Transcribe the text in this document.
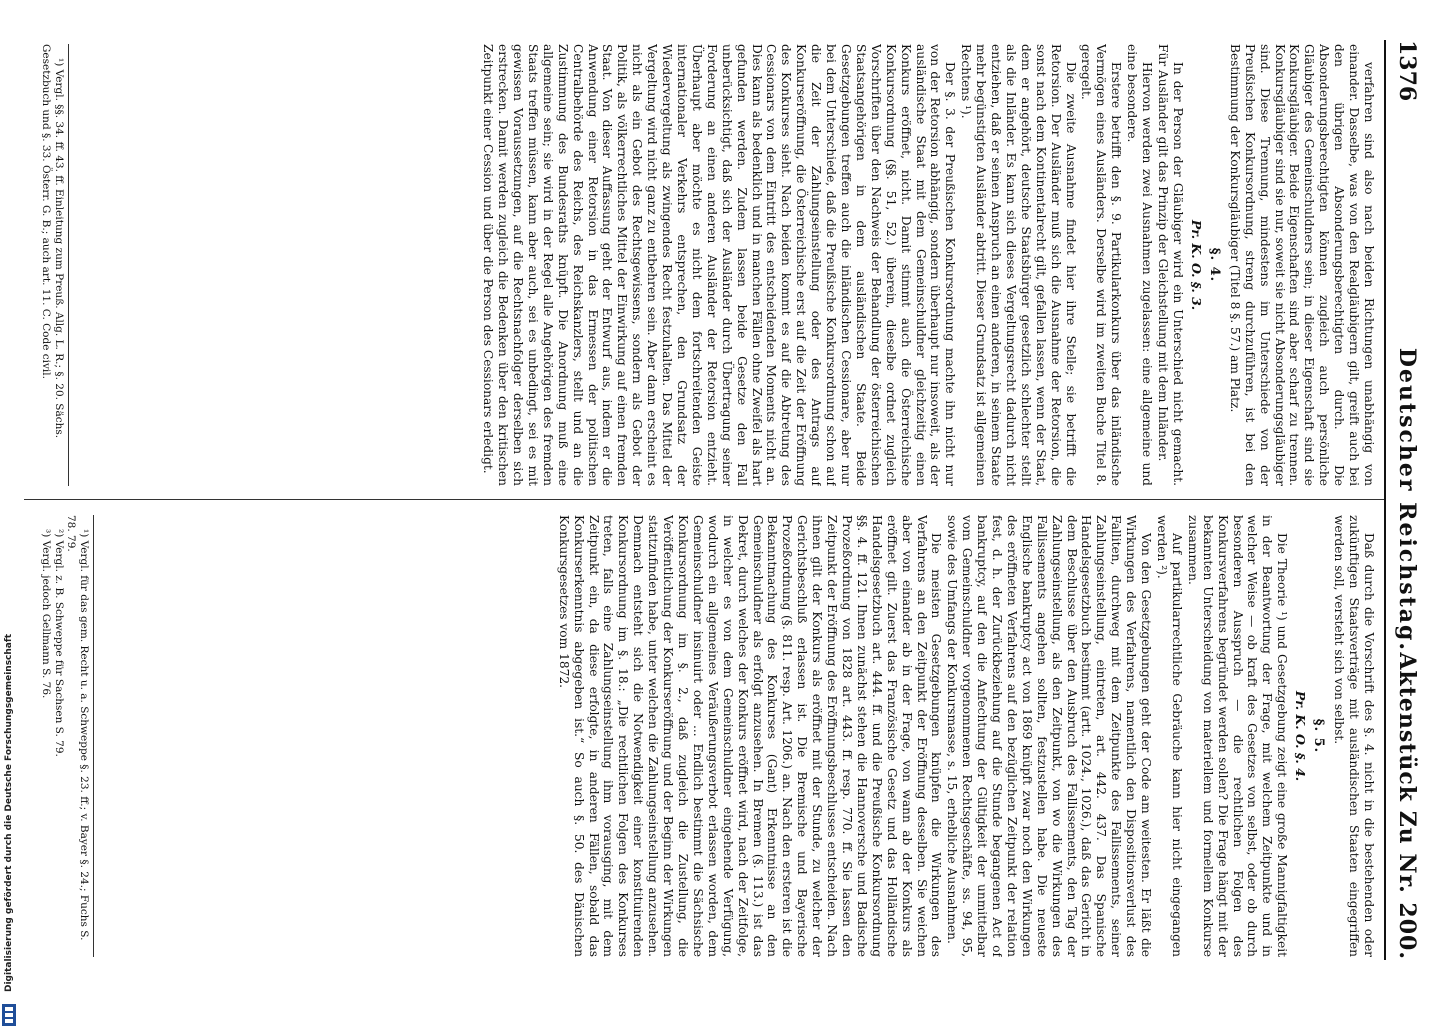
1376
Deutscher Reichstag.
Aktenstück Zu Nr. 200.

verfahren sind also nach beiden Richtungen unabhängig von einander. Dasselbe, was von den Realgläubigern gilt, greift auch bei den übrigen Absonderungsberechtigten durch. Die Absonderungsberechtigten können zugleich auch persönliche Gläubiger des Gemeinschuldners sein; in dieser Eigenschaft sind sie Konkursgläubiger. Beide Eigenschaften sind aber scharf zu trennen. Konkursgläubiger sind sie nur, soweit sie nicht Absonderungsgläubiger sind. Diese Trennung, mindestens im Unterschiede von der Preußischen Konkursordnung, streng durchzuführen, ist bei den Bestimmung der Konkursgläubiger (Titel 8 §. 57.) am Platz.

§. 4.
Pr. K. O. §. 3.

In der Person der Gläubiger wird ein Unterschied nicht gemacht. Für Ausländer gilt das Prinzip der Gleichstellung mit dem Inländer.

Hiervon werden zwei Ausnahmen zugelassen: eine allgemeine und eine besondere.

Erstere betrifft den §. 9. Partikularkonkurs über das inländische Vermögen eines Ausländers. Derselbe wird im zweiten Buche Titel 8. geregelt.

Die zweite Ausnahme findet hier ihre Stelle; sie betrifft die Retorsion. Der Ausländer muß sich die Ausnahme der Retorsion, die sonst nach dem Kontinentalrecht gilt, gefallen lassen, wenn der Staat, dem er angehört, deutsche Staatsbürger gesetzlich schlechter stellt als die Inländer. Es kann sich dieses Vergeltungsrecht dadurch nicht entziehen, daß er seinen Anspruch an einen anderen, in seinem Staate mehr begünstigten Ausländer abtritt. Dieser Grundsatz ist allgemeinen Rechtens ¹).

Der §. 3. der Preußischen Konkursordnung machte ihn nicht nur von der Retorsion abhängig, sondern überhaupt nur insoweit, als der ausländische Staat mit dem Gemeinschuldner gleichzeitig einen Konkurs eröffnet, nicht. Damit stimmt auch die Österreichische Konkursordnung (§§. 51, 52.) überein, dieselbe ordnet zugleich Vorschriften über den Nachweis der Behandlung der österreichischen Staatsangehörigen in dem ausländischen Staate. Beide Gesetzgebungen treffen auch die inländischen Cessionare, aber nur bei dem Unterschiede, daß die Preußische Konkursordnung schon auf die Zeit der Zahlungseinstellung oder des Antrags auf Konkurseröffnung, die Österreichische erst auf die Zeit der Eröffnung des Konkurses sieht. Nach beiden kommt es auf die Abtretung des Cessionars von dem Eintritt des entscheidenden Moments nicht an. Dies kann als bedenklich und in manchen Fällen ohne Zweifel als hart gefunden werden. Zudem lassen beide Gesetze den Fall unberücksichtigt, daß sich der Ausländer durch Übertragung seiner Forderung an einen anderen Ausländer der Retorsion entzieht. Überhaupt aber möchte es nicht dem fortschreitenden Geiste internationaler Verkehrs entsprechen, den Grundsatz der Wiedervergeltung als zwingendes Recht festzuhalten. Das Mittel der Vergeltung wird nicht ganz zu entbehren sein. Aber dann erscheint es nicht als ein Gebot des Rechtsgewissens, sondern als Gebot der Politik, als völkerrechtliches Mittel der Einwirkung auf einen fremden Staat. Von dieser Auffassung geht der Entwurf aus, indem er die Anwendung einer Retorsion in das Ermessen der politischen Centralbehörde des Reichs, des Reichskanzlers, stellt und an die Zustimmung des Bundesraths knüpft. Die Anordnung muß eine allgemeine sein; sie wird in der Regel alle Angehörigen des fremden Staats treffen müssen, kann aber auch, sei es unbedingt, sei es mit gewissen Voraussetzungen, auf die Rechtsnachfolger derselben sich erstrecken. Damit werden zugleich die Bedenken über den kritischen Zeitpunkt einer Cession und über die Person des Cessionars erledigt.

¹) Vergl. §§. 34. ff. 43. ff. Einleitung zum Preuß. Allg. L. R.; §. 20. Sächs. Gesetzbuch und §. 33. Österr. G. B.; auch art. 11. C. Code civil.

Daß durch die Vorschrift des §. 4. nicht in die bestehenden oder zukünftigen Staatsverträge mit ausländischen Staaten eingegriffen werden soll, versteht sich von selbst.

§. 5.
Pr. K. O. §. 4.

Die Theorie ¹) und Gesetzgebung zeigt eine große Mannigfaltigkeit in der Beantwortung der Frage, mit welchem Zeitpunkte und in welcher Weise — ob kraft des Gesetzes von selbst, oder ob durch besonderen Ausspruch — die rechtlichen Folgen des Konkursverfahrens begründet werden sollen? Die Frage hängt mit der bekannten Unterscheidung von materiellem und formellem Konkurse zusammen.

Auf partikularrechtliche Gebräuche kann hier nicht eingegangen werden ²).

Von den Gesetzgebungen geht der Code am weitesten. Er läßt die Wirkungen des Verfahrens, namentlich den Dispositionsverlust des Falliten, durchweg mit dem Zeitpunkte des Fallissements, seiner Zahlungseinstellung, eintreten, art. 442. 437. Das Spanische Handelsgesetzbuch bestimmt (artt. 1024., 1026.), daß das Gericht in dem Beschlusse über den Ausbruch des Fallissements, den Tag der Zahlungseinstellung, als den Zeitpunkt, von wo die Wirkungen des Fallissements angehen sollten, festzustellen habe. Die neueste Englische bankruptcy act von 1869 knüpft zwar noch den Wirkungen des eröffneten Verfahrens auf den bezüglichen Zeitpunkt der relation fest, d. h. der Zurückbeziehung auf die Stunde begangenen Act of bankruptcy, auf den die Anfechtung der Gültigkeit der unmittelbar vom Gemeinschuldner vorgenommenen Rechtsgeschäfte, ss. 94, 95, sowie des Umfangs der Konkursmasse, s. 15, erhebliche Ausnahmen.

Die meisten Gesetzgebungen knüpfen die Wirkungen des Verfahrens an den Zeitpunkt der Eröffnung desselben. Sie weichen aber von einander ab in der Frage, von wann ab der Konkurs als eröffnet gilt. Zuerst das Französische Gesetz und das Holländische Handelsgesetzbuch art. 444. ff. und die Preußische Konkursordnung §§. 4. ff. 121. Ihnen zunächst stehen die Hannoversche und Badische Prozeßordnung von 1828 art. 443. ff. resp. 770. ff. Sie lassen den Zeitpunkt der Eröffnung des Eröffnungsbeschlusses entscheiden. Nach ihnen gilt der Konkurs als eröffnet mit der Stunde, zu welcher der Gerichtsbeschluß erlassen ist. Die Bremische und Bayerische Prozeßordnung (§. 811. resp. Art. 1206.) an. Nach den ersteren ist die Bekanntmachung des Konkurses (Gant) Erkenntnisse an den Gemeinschuldner als erfolgt anzusehen. In Bremen (§. 113.) ist das Dekret, durch welches der Konkurs eröffnet wird, nach der Zeitfolge, in welcher es von dem Gemeinschuldner eingehende Verfügung, wodurch ein allgemeines Veräußerungsverbot erlassen worden, dem Gemeinschuldner insinuirt oder ... Endlich bestimmt die Sächsische Konkursordnung im §. 2., daß zugleich die Zustellung, die Veröffentlichung der Konkurseröffnung und der Beginn der Wirkungen stattzufinden habe, unter welchen die Zahlungseinstellung anzusehen. Demnach entsteht sich die Notwendigkeit einer konstituirenden Konkursordnung im §. 18.: „Die rechtlichen Folgen des Konkurses treten, falls eine Zahlungseinstellung ihm vorausging, mit dem Zeitpunkt ein, da diese erfolgte, in anderen Fällen, sobald das Konkurserkenntnis abgegeben ist.“ So auch §. 50. des Dänischen Konkursgesetzes vom 1872.

¹) Vergl. für das gem. Recht u. a. Schweppe §. 23. ff.; v. Bayer §. 24.; Fuchs S. 78. 79.

²) Vergl. z. B. Schweppe für Sachsen S. 79.

³) Vergl. jedoch Gellmann S. 76.

Digitalisierung gefördert durch die Deutsche Forschungsgemeinschaft
